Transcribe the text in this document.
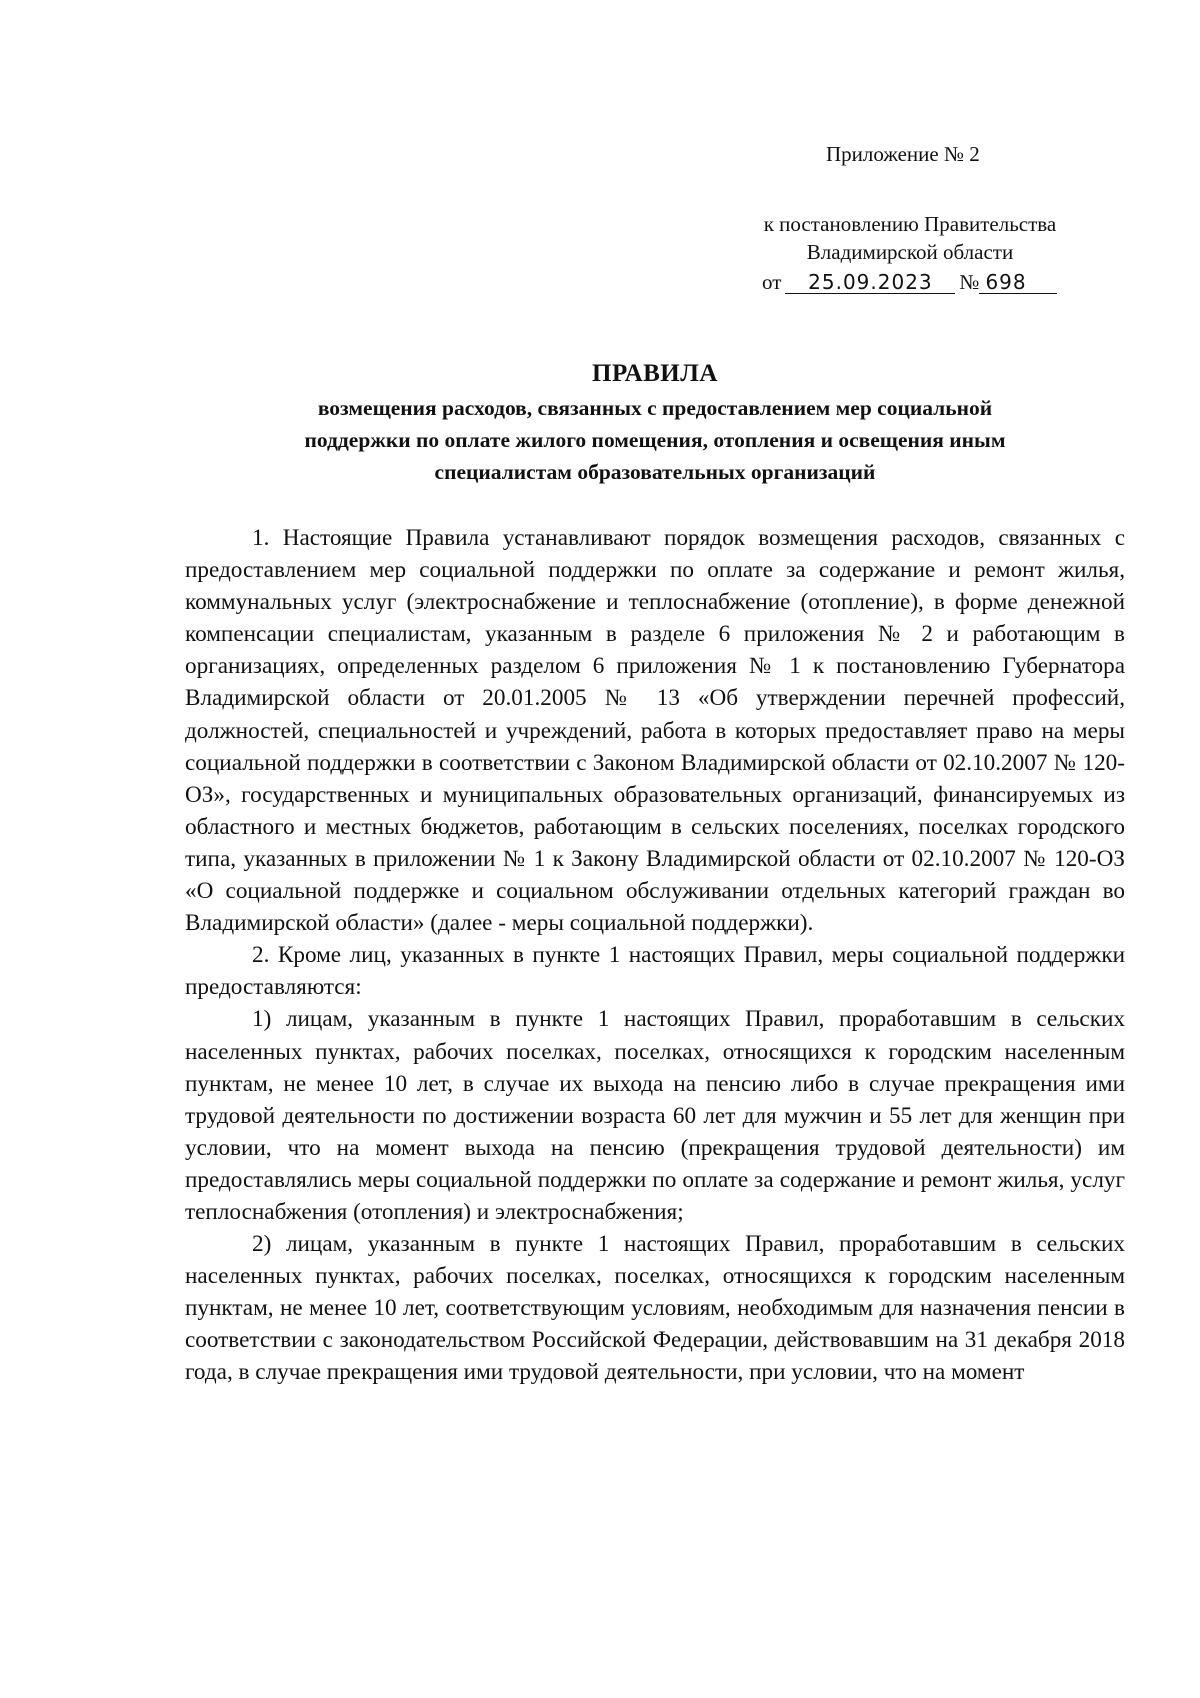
Приложение № 2
к постановлению Правительства
Владимирской области
от 25.09.2023 № 698
ПРАВИЛА
возмещения расходов, связанных с предоставлением мер социальной
поддержки по оплате жилого помещения, отопления и освещения иным
специалистам образовательных организаций

1. Настоящие Правила устанавливают порядок возмещения расходов, связанных с предоставлением мер социальной поддержки по оплате за содержание и ремонт жилья, коммунальных услуг (электроснабжение и теплоснабжение (отопление), в форме денежной компенсации специалистам, указанным в разделе 6 приложения № 2 и работающим в организациях, определенных разделом 6 приложения № 1 к постановлению Губернатора Владимирской области от 20.01.2005 № 13 «Об утверждении перечней профессий, должностей, специальностей и учреждений, работа в которых предоставляет право на меры социальной поддержки в соответствии с Законом Владимирской области от 02.10.2007 № 120-ОЗ», государственных и муниципальных образовательных организаций, финансируемых из областного и местных бюджетов, работающим в сельских поселениях, поселках городского типа, указанных в приложении № 1 к Закону Владимирской области от 02.10.2007 № 120-ОЗ «О социальной поддержке и социальном обслуживании отдельных категорий граждан во Владимирской области» (далее - меры социальной поддержки).

2. Кроме лиц, указанных в пункте 1 настоящих Правил, меры социальной поддержки предоставляются:

1) лицам, указанным в пункте 1 настоящих Правил, проработавшим в сельских населенных пунктах, рабочих поселках, поселках, относящихся к городским населенным пунктам, не менее 10 лет, в случае их выхода на пенсию либо в случае прекращения ими трудовой деятельности по достижении возраста 60 лет для мужчин и 55 лет для женщин при условии, что на момент выхода на пенсию (прекращения трудовой деятельности) им предоставлялись меры социальной поддержки по оплате за содержание и ремонт жилья, услуг теплоснабжения (отопления) и электроснабжения;

2) лицам, указанным в пункте 1 настоящих Правил, проработавшим в сельских населенных пунктах, рабочих поселках, поселках, относящихся к городским населенным пунктам, не менее 10 лет, соответствующим условиям, необходимым для назначения пенсии в соответствии с законодательством Российской Федерации, действовавшим на 31 декабря 2018 года, в случае прекращения ими трудовой деятельности, при условии, что на момент
